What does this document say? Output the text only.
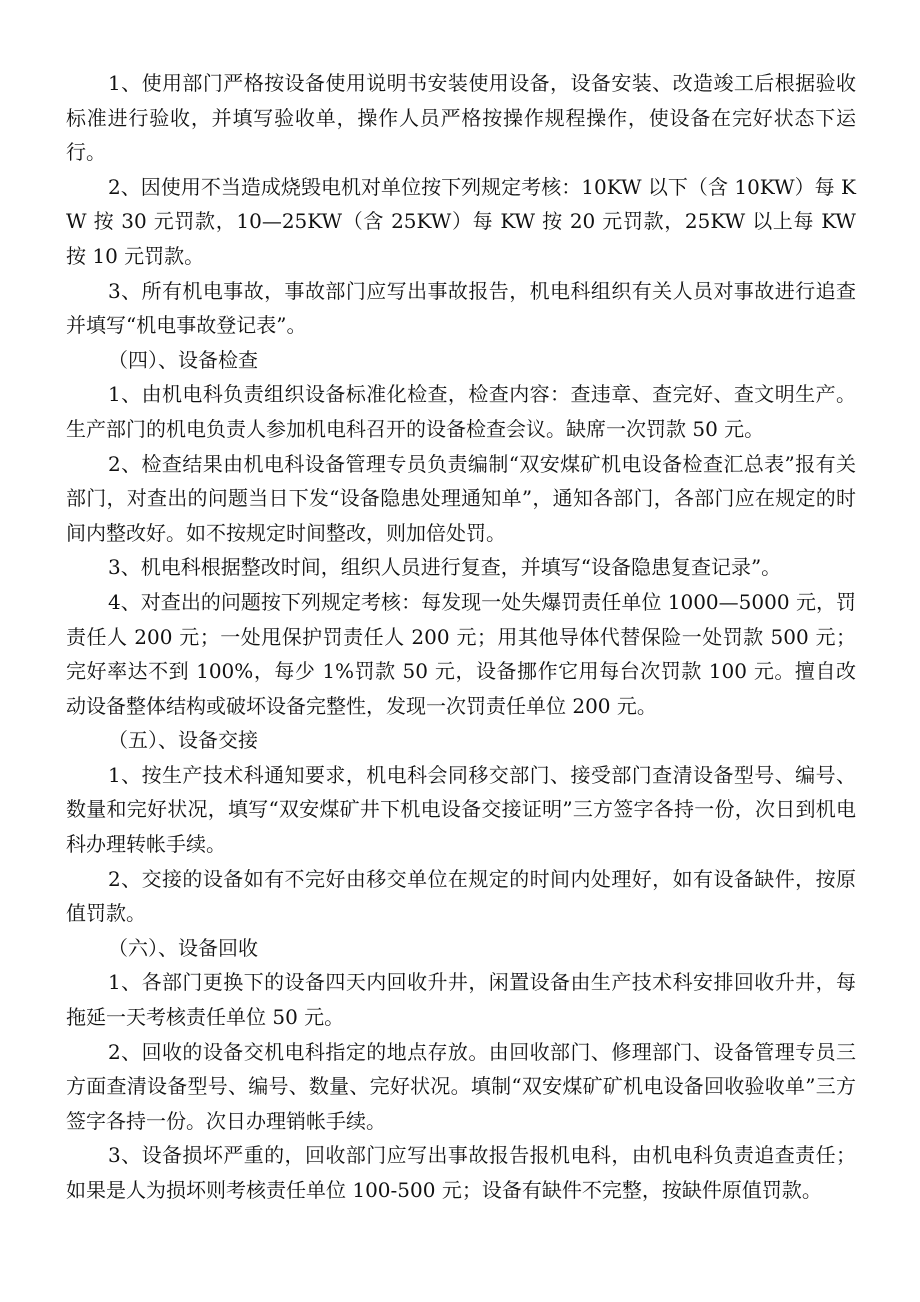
1、使用部门严格按设备使用说明书安装使用设备，设备安装、改造竣工后根据验收标准进行验收，并填写验收单，操作人员严格按操作规程操作，使设备在完好状态下运行。

2、因使用不当造成烧毁电机对单位按下列规定考核：10KW 以下（含 10KW）每 KW 按 30 元罚款，10—25KW（含 25KW）每 KW 按 20 元罚款，25KW 以上每 KW 按 10 元罚款。

3、所有机电事故，事故部门应写出事故报告，机电科组织有关人员对事故进行追查并填写“机电事故登记表”。

（四）、设备检查

1、由机电科负责组织设备标准化检查，检查内容：查违章、查完好、查文明生产。生产部门的机电负责人参加机电科召开的设备检查会议。缺席一次罚款 50 元。

2、检查结果由机电科设备管理专员负责编制“双安煤矿机电设备检查汇总表”报有关部门，对查出的问题当日下发“设备隐患处理通知单”，通知各部门，各部门应在规定的时间内整改好。如不按规定时间整改，则加倍处罚。

3、机电科根据整改时间，组织人员进行复查，并填写“设备隐患复查记录”。

4、对查出的问题按下列规定考核：每发现一处失爆罚责任单位 1000—5000 元，罚责任人 200 元；一处甩保护罚责任人 200 元；用其他导体代替保险一处罚款 500 元；完好率达不到 100%，每少 1%罚款 50 元，设备挪作它用每台次罚款 100 元。擅自改动设备整体结构或破坏设备完整性，发现一次罚责任单位 200 元。

（五）、设备交接

1、按生产技术科通知要求，机电科会同移交部门、接受部门查清设备型号、编号、数量和完好状况，填写“双安煤矿井下机电设备交接证明”三方签字各持一份，次日到机电科办理转帐手续。

2、交接的设备如有不完好由移交单位在规定的时间内处理好，如有设备缺件，按原值罚款。

（六）、设备回收

1、各部门更换下的设备四天内回收升井，闲置设备由生产技术科安排回收升井，每拖延一天考核责任单位 50 元。

2、回收的设备交机电科指定的地点存放。由回收部门、修理部门、设备管理专员三方面查清设备型号、编号、数量、完好状况。填制“双安煤矿矿机电设备回收验收单”三方签字各持一份。次日办理销帐手续。

3、设备损坏严重的，回收部门应写出事故报告报机电科，由机电科负责追查责任；如果是人为损坏则考核责任单位 100-500 元；设备有缺件不完整，按缺件原值罚款。
